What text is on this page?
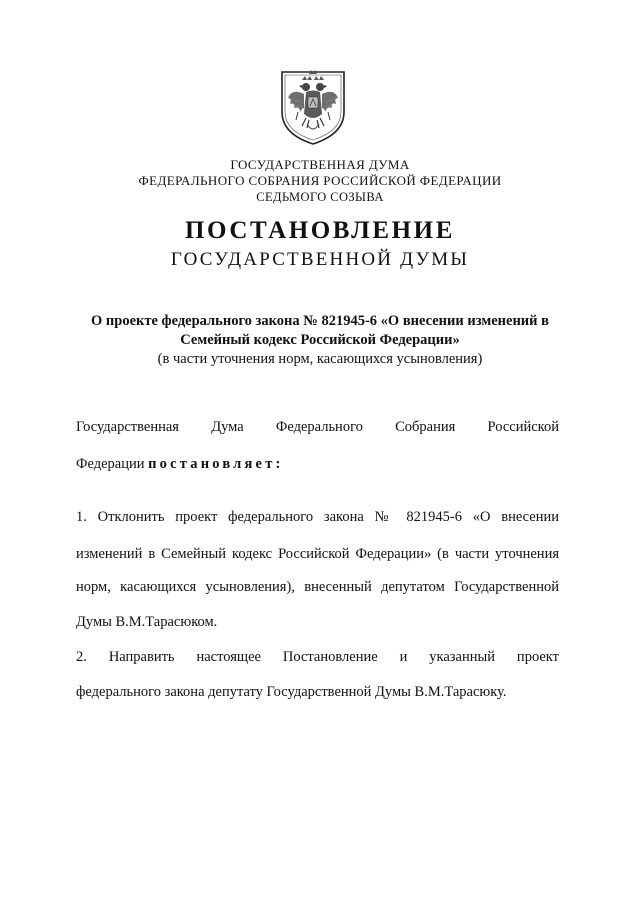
ГОСУДАРСТВЕННАЯ ДУМА
ФЕДЕРАЛЬНОГО СОБРАНИЯ РОССИЙСКОЙ ФЕДЕРАЦИИ
СЕДЬМОГО СОЗЫВА
ПОСТАНОВЛЕНИЕ
ГОСУДАРСТВЕННОЙ ДУМЫ
О проекте федерального закона № 821945-6 «О внесении изменений в
Семейный кодекс Российской Федерации»
(в части уточнения норм, касающихся усыновления)
Государственная Дума Федерального Собрания Российской
Федерации постановляет:
1. Отклонить проект федерального закона № 821945-6 «О внесении
изменений в Семейный кодекс Российской Федерации» (в части уточнения
норм, касающихся усыновления), внесенный депутатом Государственной
Думы В.М.Тарасюком.
2. Направить настоящее Постановление и указанный проект
федерального закона депутату Государственной Думы В.М.Тарасюку.
